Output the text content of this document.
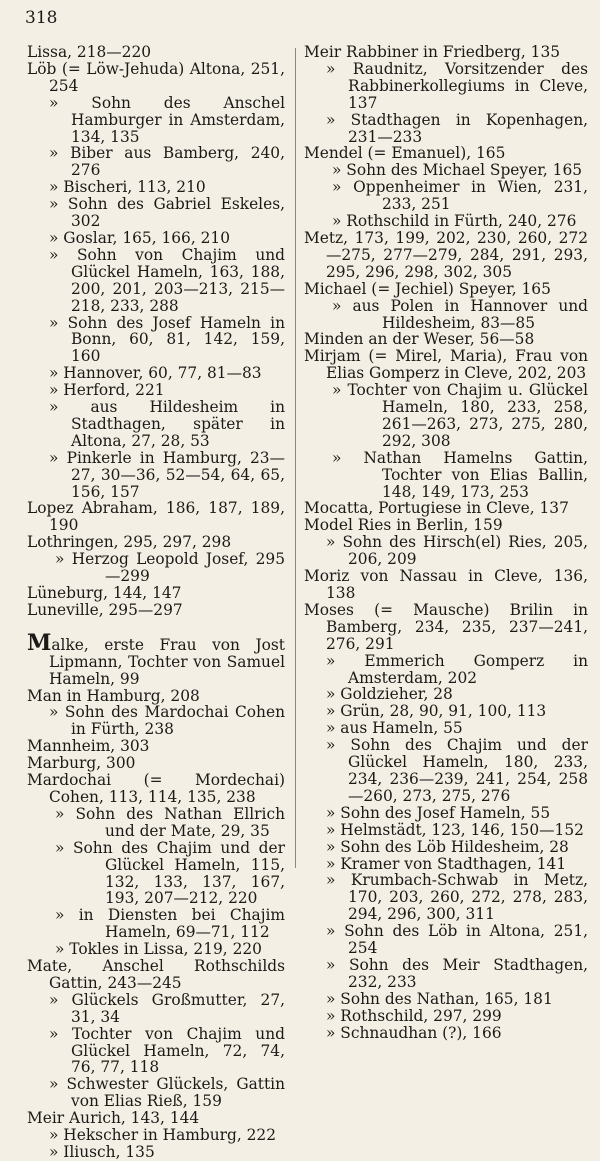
318

Lissa, 218—220

Löb (= Löw-Jehuda) Altona, 251, 254

» Sohn des Anschel Hamburger in Amsterdam, 134, 135

» Biber aus Bamberg, 240, 276

» Bischeri, 113, 210

» Sohn des Gabriel Eskeles, 302

» Goslar, 165, 166, 210

» Sohn von Chajim und Glückel Hameln, 163, 188, 200, 201, 203—213, 215—218, 233, 288

» Sohn des Josef Hameln in Bonn, 60, 81, 142, 159, 160

» Hannover, 60, 77, 81—83

» Herford, 221

» aus Hildesheim in Stadthagen, später in Altona, 27, 28, 53

» Pinkerle in Hamburg, 23—27, 30—36, 52—54, 64, 65, 156, 157

Lopez Abraham, 186, 187, 189, 190

Lothringen, 295, 297, 298

» Herzog Leopold Josef, 295—299

Lüneburg, 144, 147

Luneville, 295—297

Malke, erste Frau von Jost Lipmann, Tochter von Samuel Hameln, 99

Man in Hamburg, 208

» Sohn des Mardochai Cohen in Fürth, 238

Mannheim, 303

Marburg, 300

Mardochai (= Mordechai) Cohen, 113, 114, 135, 238

» Sohn des Nathan Ellrich und der Mate, 29, 35

» Sohn des Chajim und der Glückel Hameln, 115, 132, 133, 137, 167, 193, 207—212, 220

» in Diensten bei Chajim Hameln, 69—71, 112

» Tokles in Lissa, 219, 220

Mate, Anschel Rothschilds Gattin, 243—245

» Glückels Großmutter, 27, 31, 34

» Tochter von Chajim und Glückel Hameln, 72, 74, 76, 77, 118

» Schwester Glückels, Gattin von Elias Rieß, 159

Meir Aurich, 143, 144

» Hekscher in Hamburg, 222

» Iliusch, 135

Meir Rabbiner in Friedberg, 135

» Raudnitz, Vorsitzender des Rabbinerkollegiums in Cleve, 137

» Stadthagen in Kopenhagen, 231—233

Mendel (= Emanuel), 165

» Sohn des Michael Speyer, 165

» Oppenheimer in Wien, 231, 233, 251

» Rothschild in Fürth, 240, 276

Metz, 173, 199, 202, 230, 260, 272—275, 277—279, 284, 291, 293, 295, 296, 298, 302, 305

Michael (= Jechiel) Speyer, 165

» aus Polen in Hannover und Hildesheim, 83—85

Minden an der Weser, 56—58

Mirjam (= Mirel, Maria), Frau von Elias Gomperz in Cleve, 202, 203

» Tochter von Chajim u. Glückel Hameln, 180, 233, 258, 261—263, 273, 275, 280, 292, 308

» Nathan Hamelns Gattin, Tochter von Elias Ballin, 148, 149, 173, 253

Mocatta, Portugiese in Cleve, 137

Model Ries in Berlin, 159

» Sohn des Hirsch(el) Ries, 205, 206, 209

Moriz von Nassau in Cleve, 136, 138

Moses (= Mausche) Brilin in Bamberg, 234, 235, 237—241, 276, 291

» Emmerich Gomperz in Amsterdam, 202

» Goldzieher, 28

» Grün, 28, 90, 91, 100, 113

» aus Hameln, 55

» Sohn des Chajim und der Glückel Hameln, 180, 233, 234, 236—239, 241, 254, 258—260, 273, 275, 276

» Sohn des Josef Hameln, 55

» Helmstädt, 123, 146, 150—152

» Sohn des Löb Hildesheim, 28

» Kramer von Stadthagen, 141

» Krumbach-Schwab in Metz, 170, 203, 260, 272, 278, 283, 294, 296, 300, 311

» Sohn des Löb in Altona, 251, 254

» Sohn des Meir Stadthagen, 232, 233

» Sohn des Nathan, 165, 181

» Rothschild, 297, 299

» Schnaudhan (?), 166
